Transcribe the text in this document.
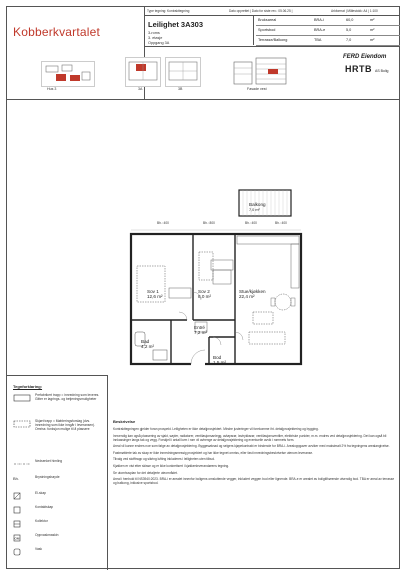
Kobberkvartalet
Type tegning: Kontrakttegning	Dato opprettet | Dato for siste rev.: 05.06.25 |	Arkformat | Målestokk: A4 | 1:100
Leilighet 3A303
3-roms
3. etasje
Oppgang 3A
Bruksareal	BRA-i	60,0	m²
Sportsbod	BRA-e	5,0	m²
Terrasse/Balkong	TBA	7,0	m²
Hus 3	3A	3B	Fasade vest
FERD Eiendom
HRTB AS Bolig
Balkong
7,0 m²
Sov 1
12,6 m²
Sov 2
8,0 m²
Stue/kjøkken
22,4 m²
Entré
7,2 m²
Bad
4,2 m²
Bod
1,5 m²
Bh.: 400	Bh.: 800	Bh.: 400	Bh.: 400
Tegnforklaring:
Prefabrikert trapp = innredning som leveres. Gitter er lagrings- og betjeningsmuligheter
Skjørt trapp = Møbleringsforslag (dvs. innredning som ikke inngår i leveransen). Omriss: funksjon mulige til å plassere
Nedsenket himling
Bh.	Brystningshøyde
El-skap
Kontaktskap
Kollektor
OM
Oppvaskmaskin
Vask
Beskrivelse

Kontrakttegningen gjelder foran prospekt. Leiligheten er ikke detaljprosjektert. Mindre justeringer vil forekomme iht. detaljprosjektering og bygging.

Innvendig kan også plassering av sjakt, søyler, radiatorer, ventilasjonsanlegg, avløpsrør, lavtrykksrør, ventilasjonsventiler, elektriske punkter, m.m. endres ved detaljprosjektering. Det kan også bli innkassinger langs tak og vegg. Forskjell i antall kvm i rom vil avhenge av detaljprosjektering og eventuelle avvik i rommets form.

Areal vil kunne endres noe som følge av detaljprosjektering. Byggesøknad og selgers kjøpekontrakt er bindende for BRA-i. Arealoppgaver avviker med maksimalt 2% fra tegningens arealangivelse.

Fastmøblerte tak av skap er ikke innredningsmessig prosjektert og har ikke tegnet omriss, eller fast innredningsbeskrivelse utenom leveranse.

Tilvalg ved stofftrapp og sikring lufting inkluderes i leiligheten uten tilbud.

Kjøkken er vist etter skisse og er ikke konkretisert i kjøkkenleverandørens tegning.

Se utomhusplan for det detaljerte uteområdet.

Areal i henhold til NS3940:2023. BRA-i er arealet innenfor boligens omsluttende vegger, inkludert veggen bod eller lignende. BRA-e er arealet av boligtilhørende utvendig bod. TBA er areal av terrasse og balkong, inklusive sportsbod.
